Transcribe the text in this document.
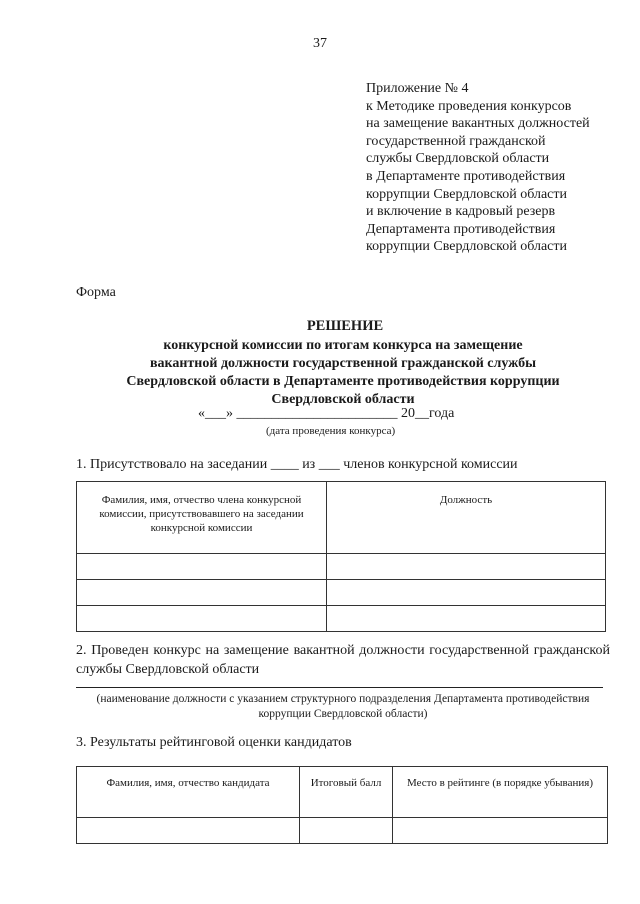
37
Приложение № 4
к Методике проведения конкурсов
на замещение вакантных должностей
государственной гражданской
службы Свердловской области
в Департаменте противодействия
коррупции Свердловской области
и включение в кадровый резерв
Департамента противодействия
коррупции Свердловской области
Форма
РЕШЕНИЕ
конкурсной комиссии по итогам конкурса на замещение
вакантной должности государственной гражданской службы
Свердловской области в Департаменте противодействия коррупции
Свердловской области
«___» _______________________ 20__года
(дата проведения конкурса)
1. Присутствовало на заседании ____ из ___ членов конкурсной комиссии
Фамилия, имя, отчество члена конкурсной комиссии, присутствовавшего на заседании конкурсной комиссии	Должность

2. Проведен конкурс на замещение вакантной должности государственной гражданской службы Свердловской области
(наименование должности с указанием структурного подразделения Департамента противодействия коррупции Свердловской области)
3. Результаты рейтинговой оценки кандидатов
Фамилия, имя, отчество кандидата	Итоговый балл	Место в рейтинге (в порядке убывания)
